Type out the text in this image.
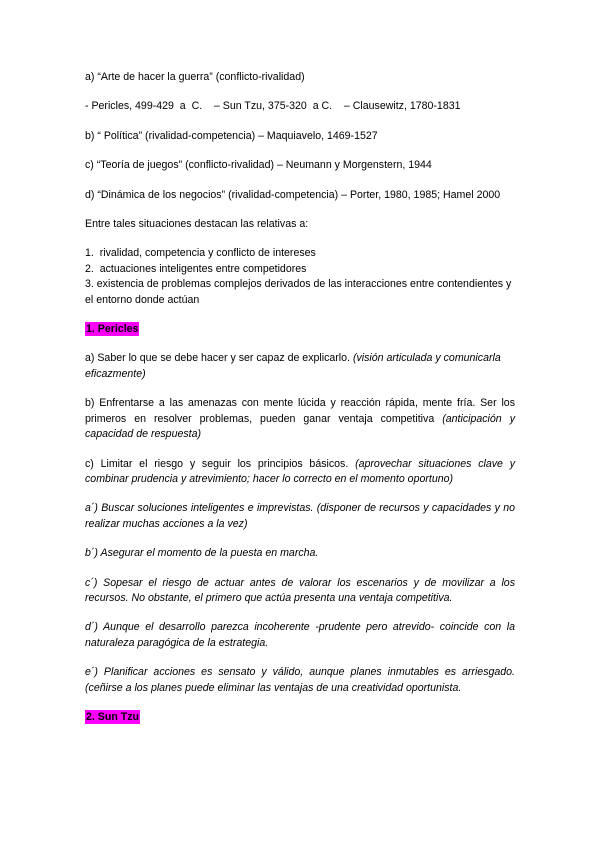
a) “Arte de hacer la guerra” (conflicto-rivalidad)

- Pericles, 499-429  a  C.    – Sun Tzu, 375-320  a C.    – Clausewitz, 1780-1831

b) “ Política” (rivalidad-competencia) – Maquiavelo, 1469-1527

c) “Teoría de juegos” (conflicto-rivalidad) – Neumann y Morgenstern, 1944

d) “Dinámica de los negocios” (rivalidad-competencia) – Porter, 1980, 1985; Hamel 2000

Entre tales situaciones destacan las relativas a:

1.  rivalidad, competencia y conflicto de intereses

2.  actuaciones inteligentes entre competidores

3. existencia de problemas complejos derivados de las interacciones entre contendientes y el entorno donde actúan

1. Pericles

a) Saber lo que se debe hacer y ser capaz de explicarlo. (visión articulada y comunicarla eficazmente)

b) Enfrentarse a las amenazas con mente lúcida y reacción rápida, mente fría. Ser los primeros en resolver problemas, pueden ganar ventaja competitiva (anticipación y capacidad de respuesta)

c) Limitar el riesgo y seguir los principios básicos. (aprovechar situaciones clave y combinar prudencia y atrevimiento; hacer lo correcto en el momento oportuno)

a´) Buscar soluciones inteligentes e imprevistas. (disponer de recursos y capacidades y no realizar muchas acciones a la vez)

b´) Asegurar el momento de la puesta en marcha.

c´) Sopesar el riesgo de actuar antes de valorar los escenarios y de movilizar a los recursos. No obstante, el primero que actúa presenta una ventaja competitiva.

d´) Aunque el desarrollo parezca incoherente -prudente pero atrevido- coincide con la naturaleza paragógica de la estrategia.

e´) Planificar acciones es sensato y válido, aunque planes inmutables es arriesgado. (ceñirse a los planes puede eliminar las ventajas de una creatividad oportunista.

2. Sun Tzu
